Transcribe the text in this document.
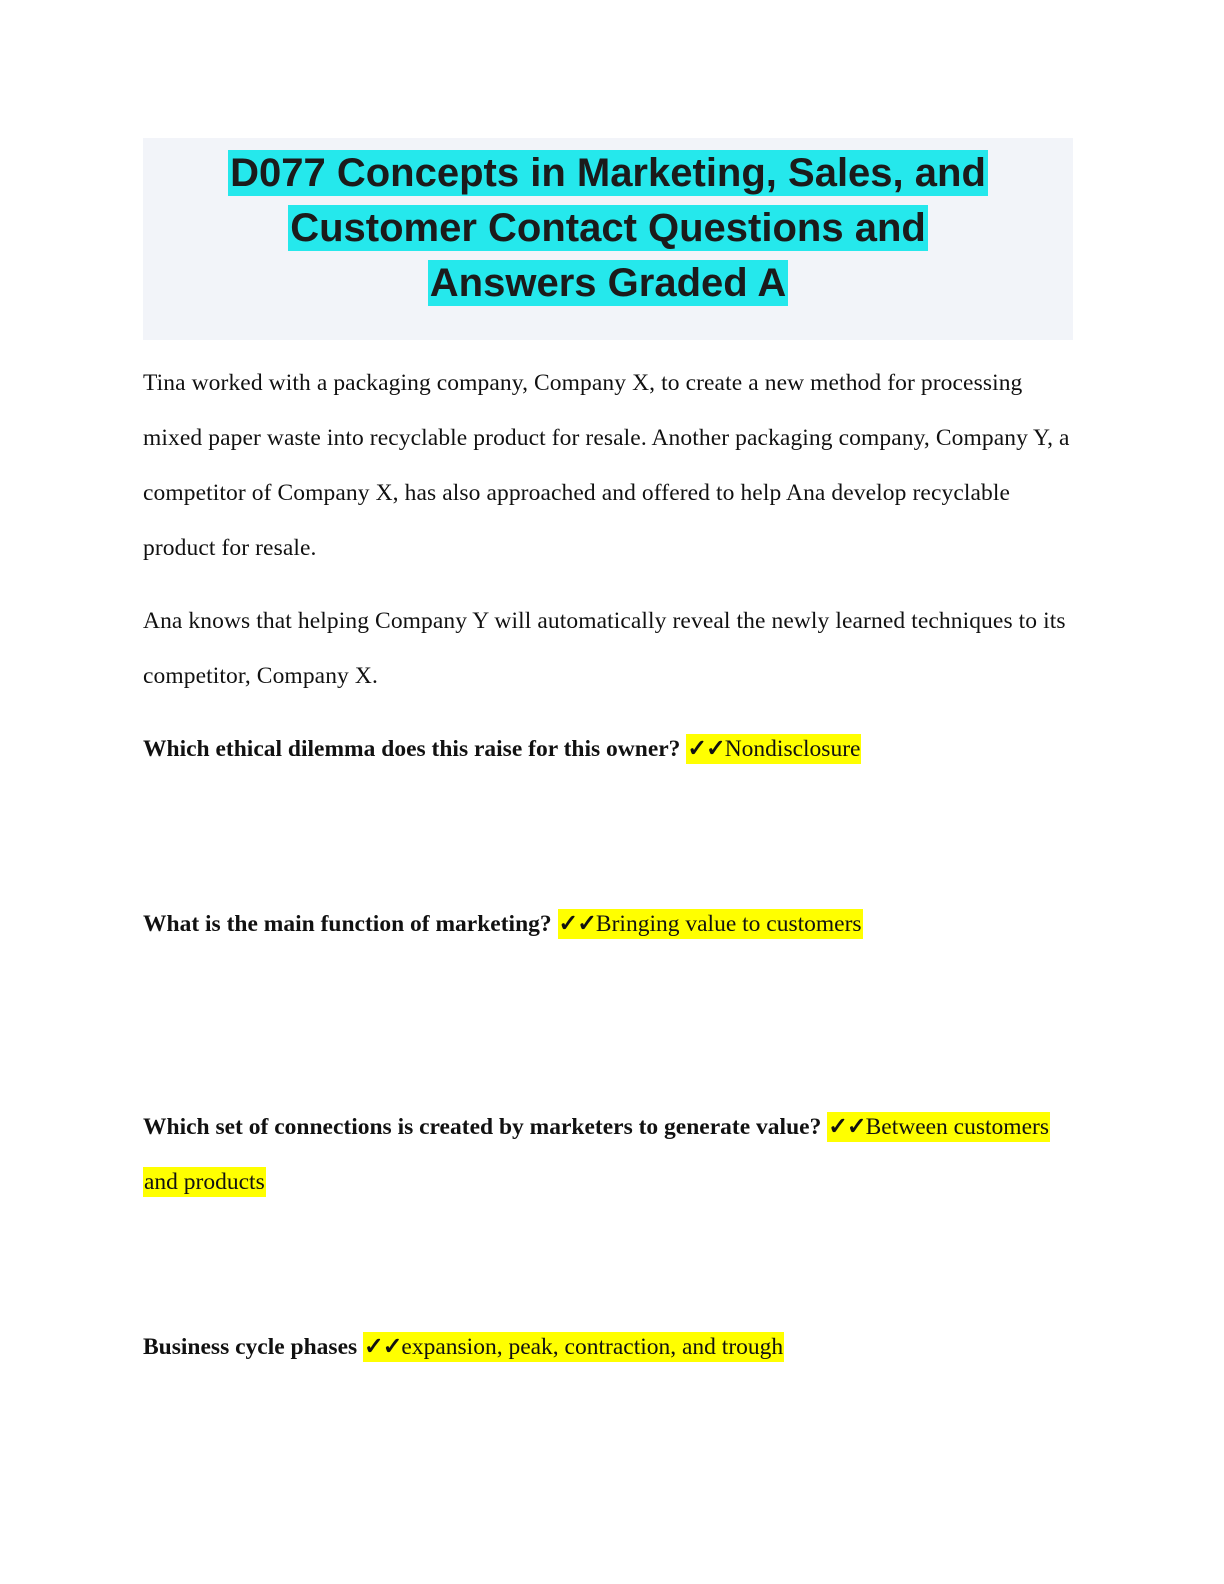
D077 Concepts in Marketing, Sales, and
Customer Contact Questions and
Answers Graded A

Tina worked with a packaging company, Company X, to create a new method for processing mixed paper waste into recyclable product for resale. Another packaging company, Company Y, a competitor of Company X, has also approached and offered to help Ana develop recyclable product for resale.

Ana knows that helping Company Y will automatically reveal the newly learned techniques to its competitor, Company X.

Which ethical dilemma does this raise for this owner? ✓✓Nondisclosure

What is the main function of marketing? ✓✓Bringing value to customers

Which set of connections is created by marketers to generate value? ✓✓Between customers and products

Business cycle phases ✓✓expansion, peak, contraction, and trough
